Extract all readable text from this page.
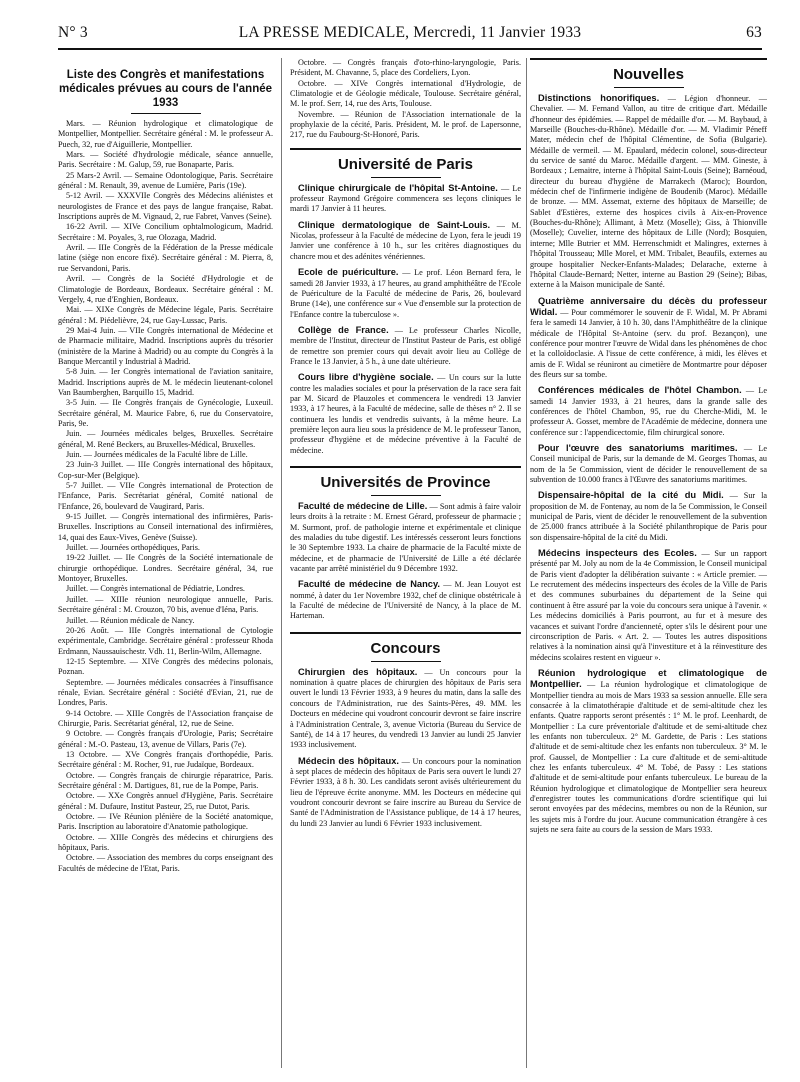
N° 3	LA PRESSE MEDICALE, Mercredi, 11 Janvier 1933	63
Liste des Congrès et manifestations médicales prévues au cours de l'année 1933

Mars. — Réunion hydrologique et climatologique de Montpellier, Montpellier. Secrétaire général : M. le professeur A. Puech, 32, rue d'Aiguillerie, Montpellier.

Mars. — Société d'hydrologie médicale, séance annuelle, Paris. Secrétaire : M. Galup, 59, rue Bonaparte, Paris.

25 Mars-2 Avril. — Semaine Odontologique, Paris. Secrétaire général : M. Renault, 39, avenue de Lumière, Paris (19e).

5-12 Avril. — XXXVIIe Congrès des Médecins aliénistes et neurologistes de France et des pays de langue française, Rabat. Inscriptions auprès de M. Vignaud, 2, rue Fabret, Vanves (Seine).

16-22 Avril. — XIVe Concilium ophtalmologicum, Madrid. Secrétaire : M. Poyales, 3, rue Olozaga, Madrid.

Avril. — IIIe Congrès de la Fédération de la Presse médicale latine (siège non encore fixé). Secrétaire général : M. Pierra, 8, rue Servandoni, Paris.

Avril. — Congrès de la Société d'Hydrologie et de Climatologie de Bordeaux, Bordeaux. Secrétaire général : M. Vergely, 4, rue d'Enghien, Bordeaux.

Mai. — XIXe Congrès de Médecine légale, Paris. Secrétaire général : M. Piédelièvre, 24, rue Gay-Lussac, Paris.

29 Mai-4 Juin. — VIIe Congrès international de Médecine et de Pharmacie militaire, Madrid. Inscriptions auprès du trésorier (ministère de la Marine à Madrid) ou au compte du Congrès à la Banque Mercantil y Industrial à Madrid.

5-8 Juin. — Ier Congrès international de l'aviation sanitaire, Madrid. Inscriptions auprès de M. le médecin lieutenant-colonel Van Baumberghen, Barquillo 15, Madrid.

3-5 Juin. — IIe Congrès français de Gynécologie, Luxeuil. Secrétaire général, M. Maurice Fabre, 6, rue du Conservatoire, Paris, 9e.

Juin. — Journées médicales belges, Bruxelles. Secrétaire général, M. René Beckers, au Bruxelles-Médical, Bruxelles.

Juin. — Journées médicales de la Faculté libre de Lille.

23 Juin-3 Juillet. — IIIe Congrès international des hôpitaux, Cop-sur-Mer (Belgique).

5-7 Juillet. — VIIe Congrès international de Protection de l'Enfance, Paris. Secrétariat général, Comité national de l'Enfance, 26, boulevard de Vaugirard, Paris.

9-15 Juillet. — Congrès international des infirmières, Paris-Bruxelles. Inscriptions au Conseil international des infirmières, 14, quai des Eaux-Vives, Genève (Suisse).

Juillet. — Journées orthopédiques, Paris.

19-22 Juillet. — IIe Congrès de la Société internationale de chirurgie orthopédique. Londres. Secrétaire général, 34, rue Montoyer, Bruxelles.

Juillet. — Congrès international de Pédiatrie, Londres.

Juillet. — XIIIe réunion neurologique annuelle, Paris. Secrétaire général : M. Crouzon, 70 bis, avenue d'Iéna, Paris.

Juillet. — Réunion médicale de Nancy.

20-26 Août. — IIIe Congrès international de Cytologie expérimentale, Cambridge. Secrétaire général : professeur Rhoda Erdmann, Naussauischestr. Vdh. 11, Berlin-Wilm, Allemagne.

12-15 Septembre. — XIVe Congrès des médecins polonais, Poznan.

Septembre. — Journées médicales consacrées à l'insuffisance rénale, Evian. Secrétaire général : Société d'Evian, 21, rue de Londres, Paris.

9-14 Octobre. — XIIIe Congrès de l'Association française de Chirurgie, Paris. Secrétariat général, 12, rue de Seine.

9 Octobre. — Congrès français d'Urologie, Paris; Secrétaire général : M.-O. Pasteau, 13, avenue de Villars, Paris (7e).

13 Octobre. — XVe Congrès français d'orthopédie, Paris. Secrétaire général : M. Rocher, 91, rue Judaïque, Bordeaux.

Octobre. — Congrès français de chirurgie réparatrice, Paris. Secrétaire général : M. Dartigues, 81, rue de la Pompe, Paris.

Octobre. — XXe Congrès annuel d'Hygiène, Paris. Secrétaire général : M. Dufaure, Institut Pasteur, 25, rue Dutot, Paris.

Octobre. — IVe Réunion plénière de la Société anatomique, Paris. Inscription au laboratoire d'Anatomie pathologique.

Octobre. — XIIIe Congrès des médecins et chirurgiens des hôpitaux, Paris.

Octobre. — Association des membres du corps enseignant des Facultés de médecine de l'Etat, Paris.

Octobre. — Congrès français d'oto-rhino-laryngologie, Paris. Président, M. Chavanne, 5, place des Cordeliers, Lyon.

Octobre. — XIVe Congrès international d'Hydrologie, de Climatologie et de Géologie médicale, Toulouse. Secrétaire général, M. le prof. Serr, 14, rue des Arts, Toulouse.

Novembre. — Réunion de l'Association internationale de la prophylaxie de la cécité, Paris. Président, M. le prof. de Lapersonne, 217, rue du Faubourg-St-Honoré, Paris.

Université de Paris

Clinique chirurgicale de l'hôpital St-Antoine. — Le professeur Raymond Grégoire commencera ses leçons cliniques le mardi 17 Janvier à 11 heures.

Clinique dermatologique de Saint-Louis. — M. Nicolas, professeur à la Faculté de médecine de Lyon, fera le jeudi 19 Janvier une conférence à 10 h., sur les critères diagnostiques du chancre mou et des adénites vénériennes.

Ecole de puériculture. — Le prof. Léon Bernard fera, le samedi 28 Janvier 1933, à 17 heures, au grand amphithéâtre de l'Ecole de Puériculture de la Faculté de médecine de Paris, 26, boulevard Brune (14e), une conférence sur « Vue d'ensemble sur la protection de l'Enfance contre la tuberculose ».

Collège de France. — Le professeur Charles Nicolle, membre de l'Institut, directeur de l'Institut Pasteur de Paris, est obligé de remettre son premier cours qui devait avoir lieu au Collège de France le 13 Janvier, à 5 h., à une date ultérieure.

Cours libre d'hygiène sociale. — Un cours sur la lutte contre les maladies sociales et pour la préservation de la race sera fait par M. Sicard de Plauzoles et commencera le vendredi 13 Janvier 1933, à 17 heures, à la Faculté de médecine, salle de thèses n° 2. Il se continuera les lundis et vendredis suivants, à la même heure. La première leçon aura lieu sous la présidence de M. le professeur Tanon, professeur d'hygiène et de médecine préventive à la Faculté de médecine.

Universités de Province

Faculté de médecine de Lille. — Sont admis à faire valoir leurs droits à la retraite : M. Ernest Gérard, professeur de pharmacie ; M. Surmont, prof. de pathologie interne et expérimentale et clinique des maladies du tube digestif. Les intéressés cesseront leurs fonctions le 30 Septembre 1933. La chaire de pharmacie de la Faculté mixte de médecine, et de pharmacie de l'Université de Lille a été déclarée vacante par arrêté ministériel du 9 Décembre 1932.

Faculté de médecine de Nancy. — M. Jean Louyot est nommé, à dater du 1er Novembre 1932, chef de clinique obstétricale à la Faculté de médecine de l'Université de Nancy, à la place de M. Harteman.

Concours

Chirurgien des hôpitaux. — Un concours pour la nomination à quatre places de chirurgien des hôpitaux de Paris sera ouvert le lundi 13 Février 1933, à 9 heures du matin, dans la salle des concours de l'Administration, rue des Saints-Pères, 49. MM. les Docteurs en médecine qui voudront concourir devront se faire inscrire à l'Administration Centrale, 3, avenue Victoria (Bureau du Service de Santé), de 14 à 17 heures, du vendredi 13 Janvier au lundi 25 Janvier 1933 inclusivement.

Médecin des hôpitaux. — Un concours pour la nomination à sept places de médecin des hôpitaux de Paris sera ouvert le lundi 27 Février 1933, à 8 h. 30. Les candidats seront avisés ultérieurement du lieu de l'épreuve écrite anonyme. MM. les Docteurs en médecine qui voudront concourir devront se faire inscrire au Bureau du Service de Santé de l'Administration de l'Assistance publique, de 14 à 17 heures, du lundi 23 Janvier au lundi 6 Février 1933 inclusivement.

Nouvelles

Distinctions honorifiques. — Légion d'honneur. — Chevalier. — M. Fernand Vallon, au titre de critique d'art. Médaille d'honneur des épidémies. — Rappel de médaille d'or. — M. Baybaud, à Marseille (Bouches-du-Rhône). Médaille d'or. — M. Vladimir Péneff Mater, médecin chef de l'hôpital Clémentine, de Sofia (Bulgarie). Médaille de vermeil. — M. Epaulard, médecin colonel, sous-directeur du service de santé du Maroc. Médaille d'argent. — MM. Gineste, à Bordeaux ; Lemaitre, interne à l'hôpital Saint-Louis (Seine); Barnéoud, directeur du bureau d'hygiène de Marrakech (Maroc); Bourdon, médecin chef de l'infirmerie indigène de Boudenib (Maroc). Médaille de bronze. — MM. Assemat, externe des hôpitaux de Marseille; de Sablet d'Estières, externe des hospices civils à Aix-en-Provence (Bouches-du-Rhône); Allimant, à Metz (Moselle); Giss, à Thionville (Moselle); Cuvelier, interne des hôpitaux de Lille (Nord); Bosquien, interne; Mlle Butrier et MM. Herrenschmidt et Malingres, externes à l'hôpital Trousseau; Mlle Morel, et MM. Tribalet, Beaufils, externes au groupe hospitalier Necker-Enfants-Malades; Delarache, externe à l'hôpital Claude-Bernard; Netter, interne au Bastion 29 (Seine); Bibas, externe à la Maison municipale de Santé.

Quatrième anniversaire du décès du professeur Widal. — Pour commémorer le souvenir de F. Widal, M. Pr Abrami fera le samedi 14 Janvier, à 10 h. 30, dans l'Amphithéâtre de la clinique médicale de l'Hôpital St-Antoine (serv. du prof. Bezançon), une conférence pour montrer l'œuvre de Widal dans les phénomènes de choc et la colloïdoclasie. A l'issue de cette conférence, à midi, les élèves et amis de F. Widal se réuniront au cimetière de Montmartre pour déposer des fleurs sur sa tombe.

Conférences médicales de l'hôtel Chambon. — Le samedi 14 Janvier 1933, à 21 heures, dans la grande salle des conférences de l'hôtel Chambon, 95, rue du Cherche-Midi, M. le professeur A. Gosset, membre de l'Académie de médecine, donnera une conférence sur : l'appendicectomie, film chirurgical sonore.

Pour l'œuvre des sanatoriums maritimes. — Le Conseil municipal de Paris, sur la demande de M. Georges Thomas, au nom de la 5e Commission, vient de décider le renouvellement de sa subvention de 10.000 francs à l'Œuvre des sanatoriums maritimes.

Dispensaire-hôpital de la cité du Midi. — Sur la proposition de M. de Fontenay, au nom de la 5e Commission, le Conseil municipal de Paris, vient de décider le renouvellement de la subvention de 25.000 francs attribuée à la Société philanthropique de Paris pour son dispensaire-hôpital de la cité du Midi.

Médecins inspecteurs des Ecoles. — Sur un rapport présenté par M. Joly au nom de la 4e Commission, le Conseil municipal de Paris vient d'adopter la délibération suivante : « Article premier. — Le recrutement des médecins inspecteurs des écoles de la Ville de Paris et des communes suburbaines du département de la Seine qui continuent à être assuré par la voie du concours sera unique à l'avenir. « Les médecins domiciliés à Paris pourront, au fur et à mesure des vacances et suivant l'ordre d'ancienneté, opter s'ils le désirent pour une circonscription de Paris. « Art. 2. — Toutes les autres dispositions relatives à la nomination ainsi qu'à l'investiture et à la réinvestiture des médecins scolaires restent en vigueur ».

Réunion hydrologique et climatologique de Montpellier. — La réunion hydrologique et climatologique de Montpellier tiendra au mois de Mars 1933 sa session annuelle. Elle sera consacrée à la climatothérapie d'altitude et de semi-altitude chez les enfants. Quatre rapports seront présentés : 1° M. le prof. Leenhardt, de Montpellier : La cure préventoriale d'altitude et de semi-altitude chez les enfants non tuberculeux. 2° M. Gardette, de Paris : Les stations d'altitude et de semi-altitude chez les enfants non tuberculeux. 3° M. le prof. Gaussel, de Montpellier : La cure d'altitude et de semi-altitude chez les enfants tuberculeux. 4° M. Tobé, de Passy : Les stations d'altitude et de semi-altitude pour enfants tuberculeux. Le bureau de la Réunion hydrologique et climatologique de Montpellier sera heureux d'enregistrer toutes les communications d'ordre scientifique qui lui seront envoyées par des médecins, membres ou non de la Réunion, sur les sujets mis à l'ordre du jour. Aucune communication étrangère à ces sujets ne sera faite au cours de la session de Mars 1933.
